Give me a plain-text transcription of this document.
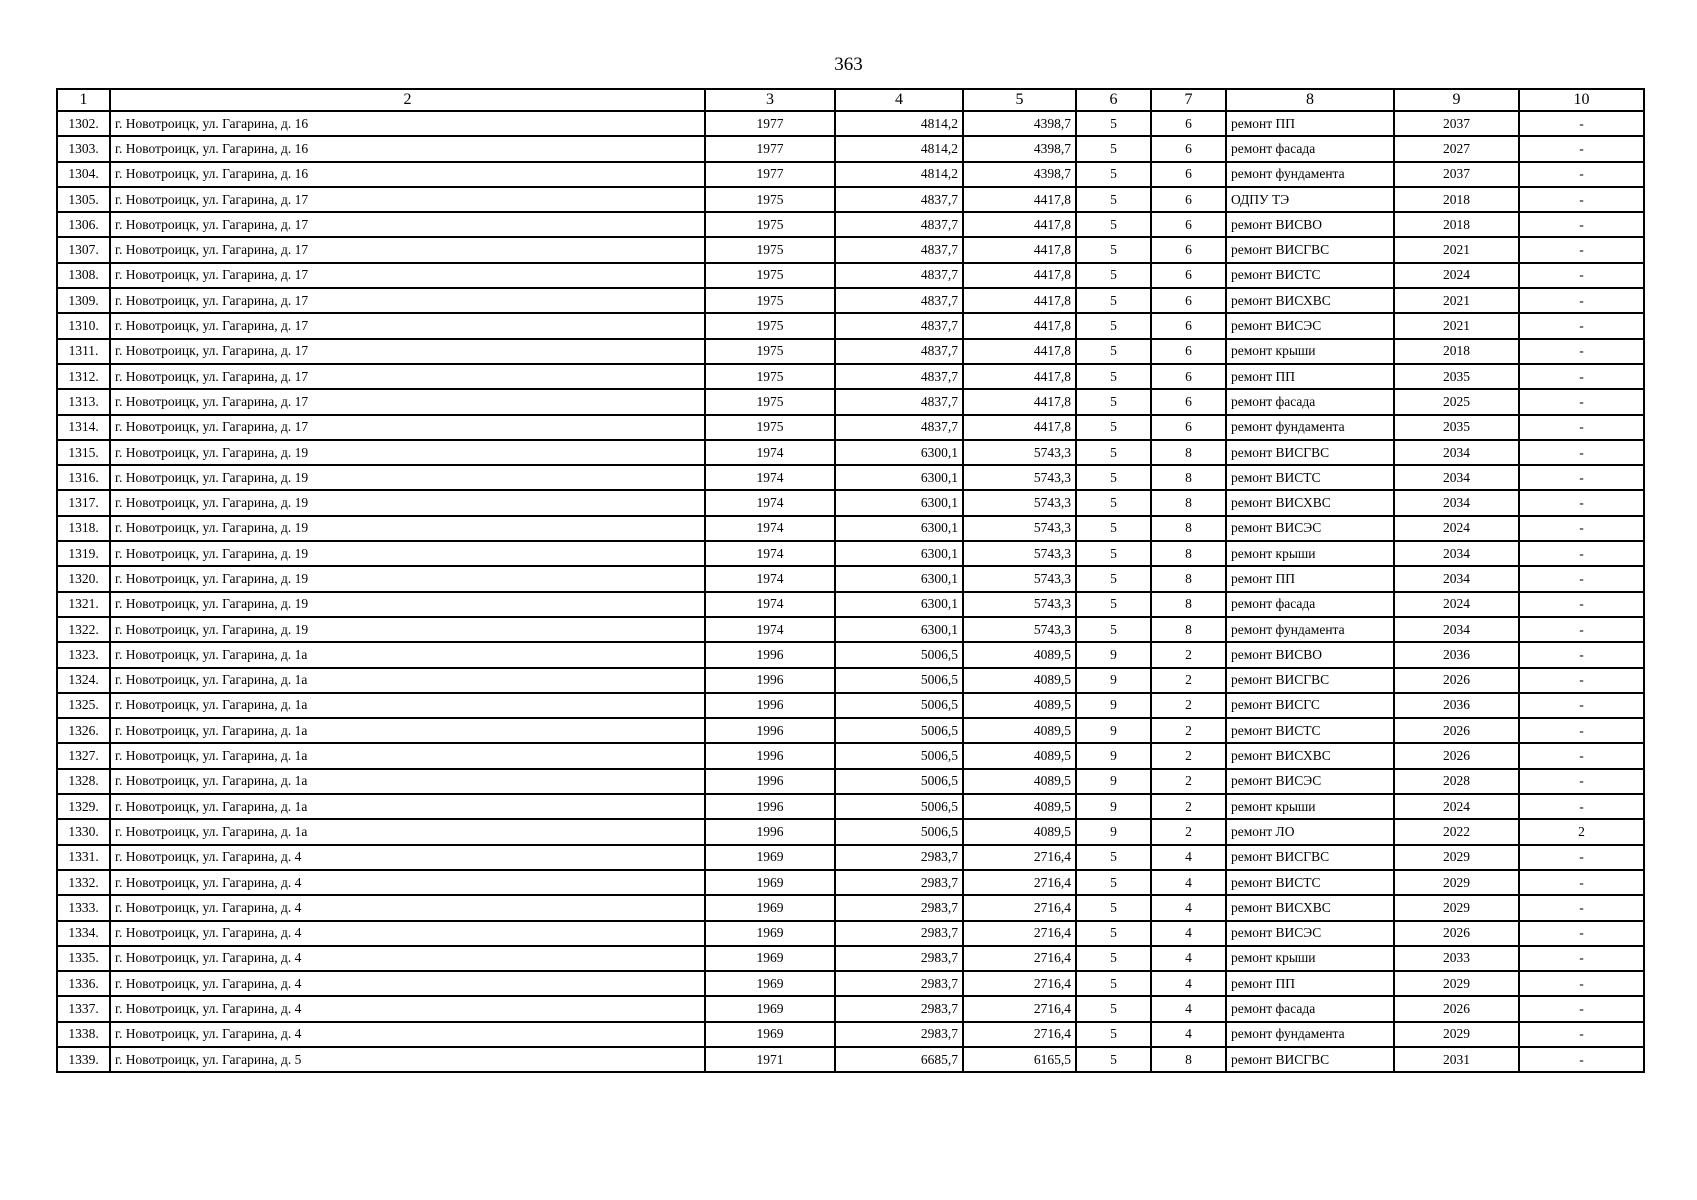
363
1	2	3	4	5	6	7	8	9	10
1302.	г. Новотроицк, ул. Гагарина, д. 16	1977	4814,2	4398,7	5	6	ремонт ПП	2037	-
1303.	г. Новотроицк, ул. Гагарина, д. 16	1977	4814,2	4398,7	5	6	ремонт фасада	2027	-
1304.	г. Новотроицк, ул. Гагарина, д. 16	1977	4814,2	4398,7	5	6	ремонт фундамента	2037	-
1305.	г. Новотроицк, ул. Гагарина, д. 17	1975	4837,7	4417,8	5	6	ОДПУ ТЭ	2018	-
1306.	г. Новотроицк, ул. Гагарина, д. 17	1975	4837,7	4417,8	5	6	ремонт ВИСВО	2018	-
1307.	г. Новотроицк, ул. Гагарина, д. 17	1975	4837,7	4417,8	5	6	ремонт ВИСГВС	2021	-
1308.	г. Новотроицк, ул. Гагарина, д. 17	1975	4837,7	4417,8	5	6	ремонт ВИСТС	2024	-
1309.	г. Новотроицк, ул. Гагарина, д. 17	1975	4837,7	4417,8	5	6	ремонт ВИСХВС	2021	-
1310.	г. Новотроицк, ул. Гагарина, д. 17	1975	4837,7	4417,8	5	6	ремонт ВИСЭС	2021	-
1311.	г. Новотроицк, ул. Гагарина, д. 17	1975	4837,7	4417,8	5	6	ремонт крыши	2018	-
1312.	г. Новотроицк, ул. Гагарина, д. 17	1975	4837,7	4417,8	5	6	ремонт ПП	2035	-
1313.	г. Новотроицк, ул. Гагарина, д. 17	1975	4837,7	4417,8	5	6	ремонт фасада	2025	-
1314.	г. Новотроицк, ул. Гагарина, д. 17	1975	4837,7	4417,8	5	6	ремонт фундамента	2035	-
1315.	г. Новотроицк, ул. Гагарина, д. 19	1974	6300,1	5743,3	5	8	ремонт ВИСГВС	2034	-
1316.	г. Новотроицк, ул. Гагарина, д. 19	1974	6300,1	5743,3	5	8	ремонт ВИСТС	2034	-
1317.	г. Новотроицк, ул. Гагарина, д. 19	1974	6300,1	5743,3	5	8	ремонт ВИСХВС	2034	-
1318.	г. Новотроицк, ул. Гагарина, д. 19	1974	6300,1	5743,3	5	8	ремонт ВИСЭС	2024	-
1319.	г. Новотроицк, ул. Гагарина, д. 19	1974	6300,1	5743,3	5	8	ремонт крыши	2034	-
1320.	г. Новотроицк, ул. Гагарина, д. 19	1974	6300,1	5743,3	5	8	ремонт ПП	2034	-
1321.	г. Новотроицк, ул. Гагарина, д. 19	1974	6300,1	5743,3	5	8	ремонт фасада	2024	-
1322.	г. Новотроицк, ул. Гагарина, д. 19	1974	6300,1	5743,3	5	8	ремонт фундамента	2034	-
1323.	г. Новотроицк, ул. Гагарина, д. 1а	1996	5006,5	4089,5	9	2	ремонт ВИСВО	2036	-
1324.	г. Новотроицк, ул. Гагарина, д. 1а	1996	5006,5	4089,5	9	2	ремонт ВИСГВС	2026	-
1325.	г. Новотроицк, ул. Гагарина, д. 1а	1996	5006,5	4089,5	9	2	ремонт ВИСГС	2036	-
1326.	г. Новотроицк, ул. Гагарина, д. 1а	1996	5006,5	4089,5	9	2	ремонт ВИСТС	2026	-
1327.	г. Новотроицк, ул. Гагарина, д. 1а	1996	5006,5	4089,5	9	2	ремонт ВИСХВС	2026	-
1328.	г. Новотроицк, ул. Гагарина, д. 1а	1996	5006,5	4089,5	9	2	ремонт ВИСЭС	2028	-
1329.	г. Новотроицк, ул. Гагарина, д. 1а	1996	5006,5	4089,5	9	2	ремонт крыши	2024	-
1330.	г. Новотроицк, ул. Гагарина, д. 1а	1996	5006,5	4089,5	9	2	ремонт ЛО	2022	2
1331.	г. Новотроицк, ул. Гагарина, д. 4	1969	2983,7	2716,4	5	4	ремонт ВИСГВС	2029	-
1332.	г. Новотроицк, ул. Гагарина, д. 4	1969	2983,7	2716,4	5	4	ремонт ВИСТС	2029	-
1333.	г. Новотроицк, ул. Гагарина, д. 4	1969	2983,7	2716,4	5	4	ремонт ВИСХВС	2029	-
1334.	г. Новотроицк, ул. Гагарина, д. 4	1969	2983,7	2716,4	5	4	ремонт ВИСЭС	2026	-
1335.	г. Новотроицк, ул. Гагарина, д. 4	1969	2983,7	2716,4	5	4	ремонт крыши	2033	-
1336.	г. Новотроицк, ул. Гагарина, д. 4	1969	2983,7	2716,4	5	4	ремонт ПП	2029	-
1337.	г. Новотроицк, ул. Гагарина, д. 4	1969	2983,7	2716,4	5	4	ремонт фасада	2026	-
1338.	г. Новотроицк, ул. Гагарина, д. 4	1969	2983,7	2716,4	5	4	ремонт фундамента	2029	-
1339.	г. Новотроицк, ул. Гагарина, д. 5	1971	6685,7	6165,5	5	8	ремонт ВИСГВС	2031	-
